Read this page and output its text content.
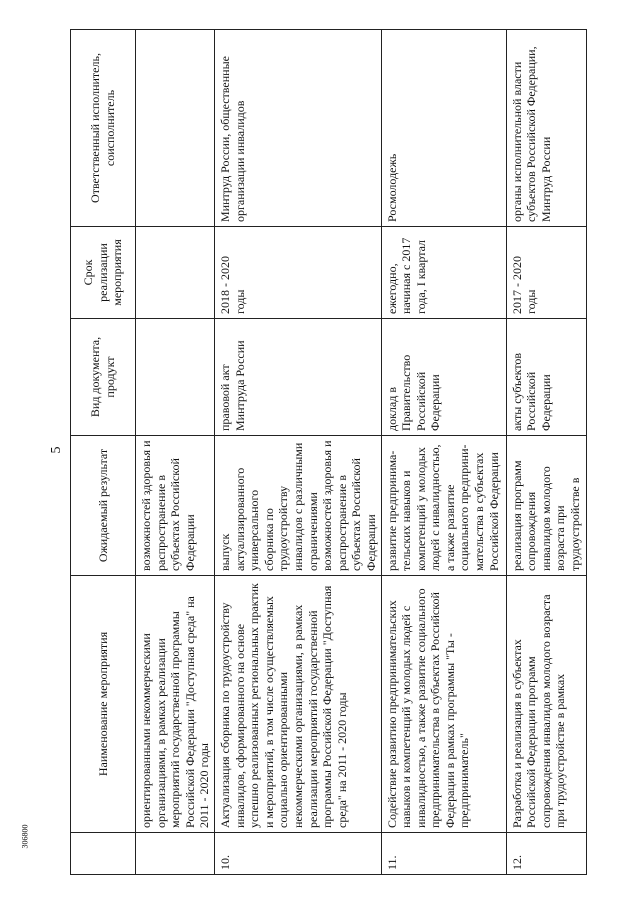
5
306800
	Наименование мероприятия	Ожидаемый результат	Вид документа, продукт	Срок реализации мероприятия	Ответственный исполнитель, соисполнитель
	ориентированными некоммерческими организациями, в рамках реализации мероприятий государственной программы Российской Федерации "Доступная среда" на 2011 - 2020 годы	возможностей здоровья и распространение в субъектах Российской Федерации			
10.	Актуализация сборника по трудоустройству инвалидов, сформированного на основе успешно реализованных региональных практик и мероприятий, в том числе осуществляемых социально ориентированными некоммерческими организациями, в рамках реализации мероприятий государственной программы Российской Федерации "Доступная среда" на 2011 - 2020 годы	выпуск актуализированного универсального сборника по трудоустройству инвалидов с различными ограничениями возможностей здоровья и распространение в субъектах Российской Федерации	правовой акт Минтруда России	2018 - 2020 годы	Минтруд России, общественные организации инвалидов
11.	Содействие развитию предпринимательских навыков и компетенций у молодых людей с инвалидностью, а также развитие социального предпринимательства в субъектах Российской Федерации в рамках программы "Ты - предприниматель"	развитие предпринима-тельских навыков и компетенций у молодых людей с инвалидностью, а также развитие социального предприни-мательства в субъектах Российской Федерации	доклад в Правительство Российской Федерации	ежегодно, начиная с 2017 года, I квартал	Росмолодежь
12.	Разработка и реализация в субъектах Российской Федерации программ сопровождения инвалидов молодого возраста при трудоустройстве в рамках	реализация программ сопровождения инвалидов молодого возраста при трудоустройстве в	акты субъектов Российской Федерации	2017 - 2020 годы	органы исполнительной власти субъектов Российской Федерации, Минтруд России
